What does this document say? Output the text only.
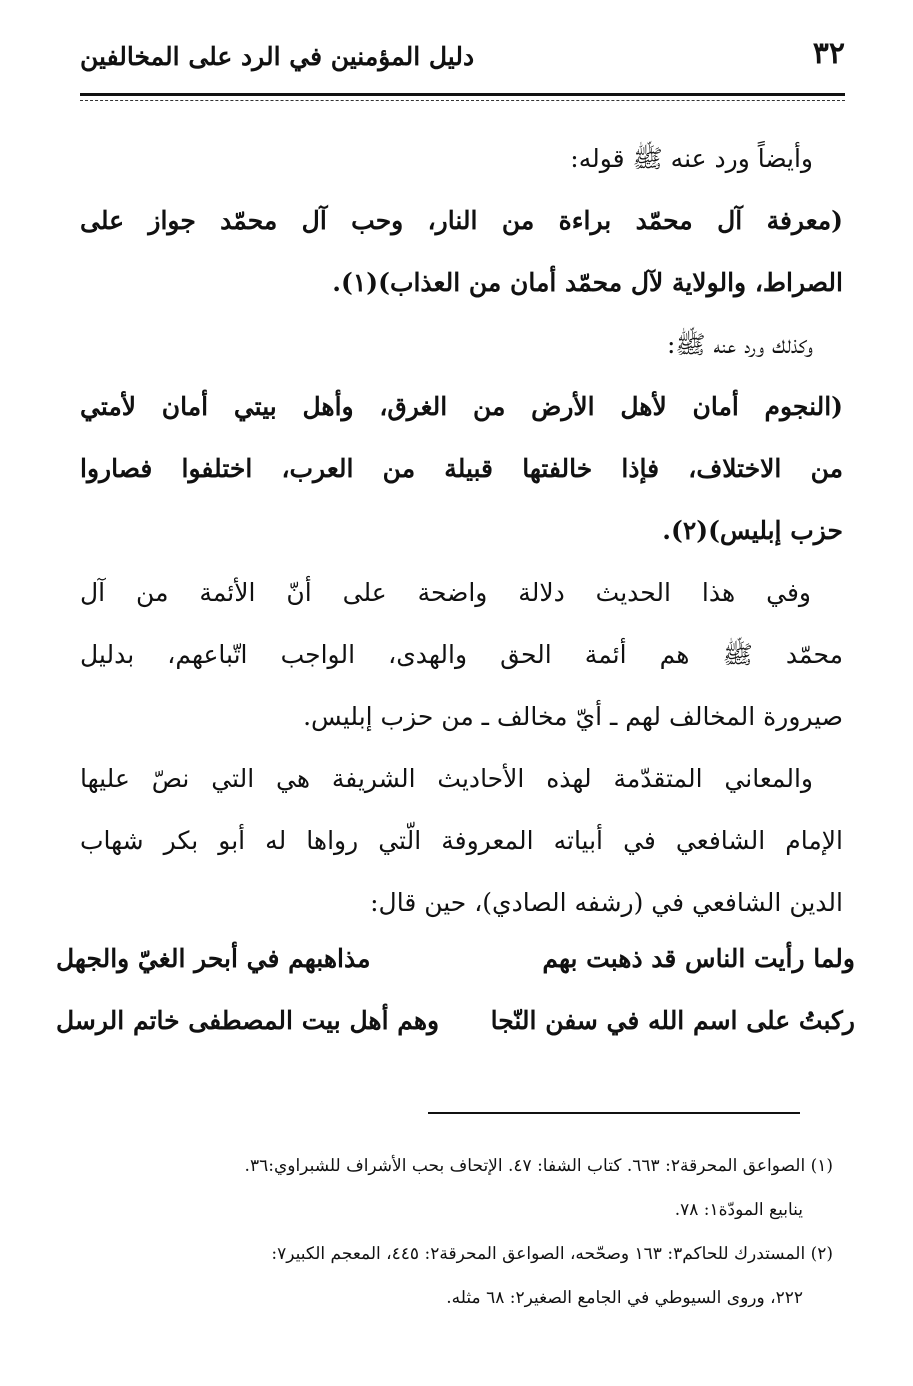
٣٢
دليل المؤمنين في الرد على المخالفين
وأيضاً ورد عنه ﷺ قوله:
(معرفة آل محمّد براءة من النار، وحب آل محمّد جواز على
الصراط، والولاية لآل محمّد أمان من العذاب)(١).
وكذلك ورد عنه ﷺ:
(النجوم أمان لأهل الأرض من الغرق، وأهل بيتي أمان لأمتي
من الاختلاف، فإذا خالفتها قبيلة من العرب، اختلفوا فصاروا
حزب إبليس)(٢).
وفي هذا الحديث دلالة واضحة على أنّ الأئمة من آل
محمّد ﷺ هم أئمة الحق والهدى، الواجب اتّباعهم، بدليل
صيرورة المخالف لهم ـ أيّ مخالف ـ من حزب إبليس.
والمعاني المتقدّمة لهذه الأحاديث الشريفة هي التي نصّ عليها
الإمام الشافعي في أبياته المعروفة الّتي رواها له أبو بكر شهاب
الدين الشافعي في (رشفه الصادي)، حين قال:
ولما رأيت الناس قد ذهبت بهم
مذاهبهم في أبحر الغيّ والجهل
ركبتُ على اسم الله في سفن النّجا
وهم أهل بيت المصطفى خاتم الرسل
(١) الصواعق المحرقة٢: ٦٦٣. كتاب الشفا: ٤٧. الإتحاف بحب الأشراف للشبراوي:٣٦.
ينابيع المودّة١: ٧٨.
(٢) المستدرك للحاكم٣: ١٦٣ وصحّحه، الصواعق المحرقة٢: ٤٤٥، المعجم الكبير٧:
٢٢٢، وروى السيوطي في الجامع الصغير٢: ٦٨ مثله.
